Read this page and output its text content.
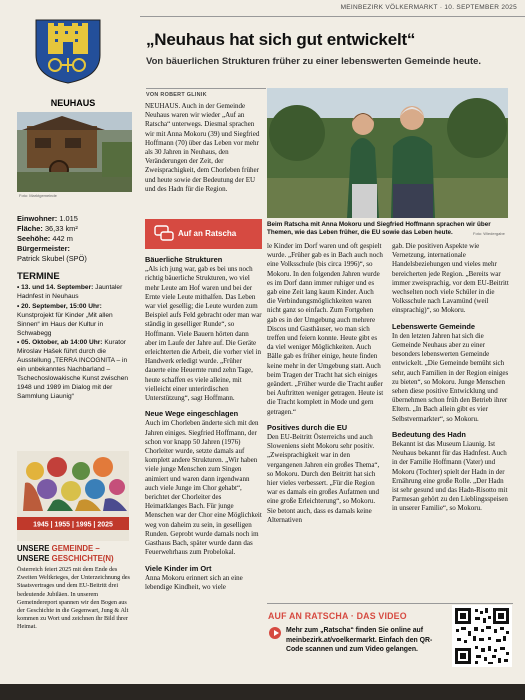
MEINBEZIRK VÖLKERMARKT · 10. SEPTEMBER 2025
NEUHAUS
Foto: Marktgemeinde
Einwohner: 1.015
Fläche: 36,33 km²
Seehöhe: 442 m
Bürgermeister:
Patrick Skubel (SPÖ)
TERMINE
• 13. und 14. September: Jauntaler Hadnfest in Neuhaus
• 20. September, 15:00 Uhr: Kunstprojekt für Kinder „Mit allen Sinnen“ im Haus der Kultur in Schwabegg
• 05. Oktober, ab 14:00 Uhr: Kurator Miroslav Hašek führt durch die Ausstellung „TERRA INCOGNITA – in ein unbekanntes Nachbarland – Tschechoslowakische Kunst zwischen 1948 und 1989 im Dialog mit der Sammlung Liaunig“
1945 | 1955 | 1995 | 2025
UNSERE GEMEINDE –
UNSERE GESCHICHTE(N)
Österreich feiert 2025 mit dem Ende des Zweiten Weltkrieges, der Unterzeichnung des Staatsvertrages und dem EU-Beitritt drei bedeutende Jubiläen. In unserem Gemeindereport spannen wir den Bogen aus der Geschichte in die Gegenwart, Jung & Alt kommen zu Wort und zeichnen ihr Bild ihrer Heimat.
„Neuhaus hat sich gut entwickelt“
Von bäuerlichen Strukturen früher zu einer lebenswerten Gemeinde heute.
VON ROBERT GLINIK
NEUHAUS. Auch in der Gemeinde Neuhaus waren wir wieder „Auf an Ratscha“ unterwegs. Diesmal sprachen wir mit Anna Mokoru (39) und Siegfried Hoffmann (70) über das Leben vor mehr als 30 Jahren in Neuhaus, den Veränderungen der Zeit, der Zweisprachigkeit, dem Chorleben früher und heute sowie der Bedeutung der EU und des Hadn für die Region.
Beim Ratscha mit Anna Mokoru und Siegfried Hoffmann sprachen wir über Themen, wie das Leben früher, die EU sowie das Leben heute.	Foto: Wiedergabe
Auf an Ratscha
Bäuerliche Strukturen

„Als ich jung war, gab es bei uns noch richtig bäuerliche Strukturen, wo viel mehr Leute am Hof waren und bei der Ernte viele Leute mithalfen. Das Leben war viel gesellig; die Leute wurden zum Beispiel aufs Feld gebracht oder man war ständig in geselliger Runde“, so Hoffmann. Viele Bauern hörten dann aber im Laufe der Jahre auf. Die Geräte erleichterten die Arbeit, die vorher viel in Handwerk erledigt wurde. „Früher dauerte eine Heuernte rund zehn Tage, heute schaffen es viele alleine, mit vielleicht einer unterirdischen Unterstützung“, sagt Hoffmann.

Neue Wege eingeschlagen

Auch im Chorleben änderte sich mit den Jahren einiges. Siegfried Hoffmann, der schon vor knapp 50 Jahren (1976) Chorleiter wurde, setzte damals auf komplett andere Strukturen. „Wir haben viele junge Menschen zum Singen animiert und waren dann irgendwann auch viele Junge im Chor gehabt“, berichtet der Chorleiter des Heimatklanges Bach. Für junge Menschen war der Chor eine Möglichkeit weg von daheim zu sein, in geselligen Runden. Geprobt wurde damals noch im Gasthaus Bach, später wurde dann das Feuerwehrhaus zum Probelokal.

Viele Kinder im Ort

Anna Mokoru erinnert sich an eine lebendige Kindheit, wo viele

le Kinder im Dorf waren und oft gespielt wurde. „Früher gab es in Bach auch noch eine Volksschule (bis circa 1996)“, so Mokoru. In den folgenden Jahren wurde es im Dorf dann immer ruhiger und es gab eine Zeit lang kaum Kinder. Auch die Verbindungsmöglichkeiten waren nicht ganz so einfach. Zum Fortgehen gab es in der Umgebung auch mehrere Discos und Gasthäuser, wo man sich treffen und feiern konnte. Heute gibt es da viel weniger Möglichkeiten. Auch Bälle gab es früher einige, heute finden keine mehr in der Umgebung statt. Auch beim Tragen der Tracht hat sich einiges geändert. „Früher wurde die Tracht außer bei Auftritten weniger getragen. Heute ist die Tracht komplett in Mode und gern getragen.“

Positives durch die EU

Den EU-Beitritt Österreichs und auch Sloweniens sieht Mokoru sehr positiv. „Zweisprachigkeit war in den vergangenen Jahren ein großes Thema“, so Mokoru. Durch den Beitritt hat sich hier vieles verbessert. „Für die Region war es damals ein großes Aufatmen und eine große Erleichterung“, so Mokoru. Sie betont auch, dass es damals keine Alternativen

gab. Die positiven Aspekte wie Vernetzung, internationale Handelsbeziehungen und vieles mehr bereicherten jede Region. „Bereits war immer zweisprachig, vor dem EU-Beitritt wechselten noch viele Schüler in die Volksschule nach Lavamünd (weil einsprachig)“, so Mokoru.

Lebenswerte Gemeinde

In den letzten Jahren hat sich die Gemeinde Neuhaus aber zu einer besonders lebenswerten Gemeinde entwickelt. „Die Gemeinde bemüht sich sehr, auch Familien in der Region einiges zu bieten“, so Mokoru. Junge Menschen sehen diese positive Entwicklung und übernehmen schon früh den Betrieb ihrer Eltern. „In Bach allein gibt es vier Selbstvermarkter“, so Mokoru.

Bedeutung des Hadn

Bekannt ist das Museum Liaunig. Ist Neuhaus bekannt für das Hadnfest. Auch in der Familie Hoffmann (Vater) und Mokoru (Tochter) spielt der Hadn in der Ernährung eine große Rolle. „Der Hadn ist sehr gesund und das Hadn-Risotto mit Parmesan gehört zu den Lieblingsspeisen in unserer Familie“, so Mokoru.

AUF AN RATSCHA · DAS VIDEO
Mehr zum „Ratscha“ finden Sie online auf meinbezirk.at/voelkermarkt. Einfach den QR-Code scannen und zum Video gelangen.
